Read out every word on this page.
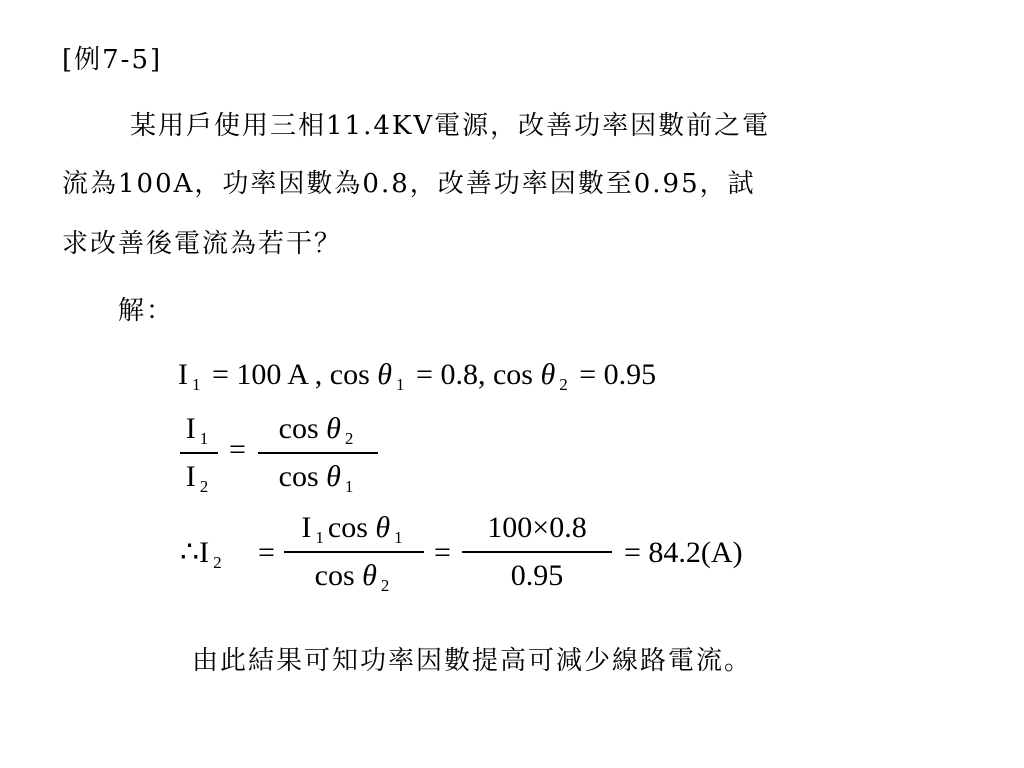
[例7-5]
某用戶使用三相11.4KV電源，改善功率因數前之電
流為100A，功率因數為0.8，改善功率因數至0.95，試
求改善後電流為若干？
解：
I $_1$ = 100 A , cos θ $_1$ = 0.8, cos θ $_2$ = 0.95
I $_1$
I $_2$
=
cos θ $_2$
cos θ $_1$
∴I $_2$ =
I $_1$ cos θ $_1$
cos θ $_2$
=
100×0.8
0.95
= 84.2(A)
由此結果可知功率因數提高可減少線路電流。
